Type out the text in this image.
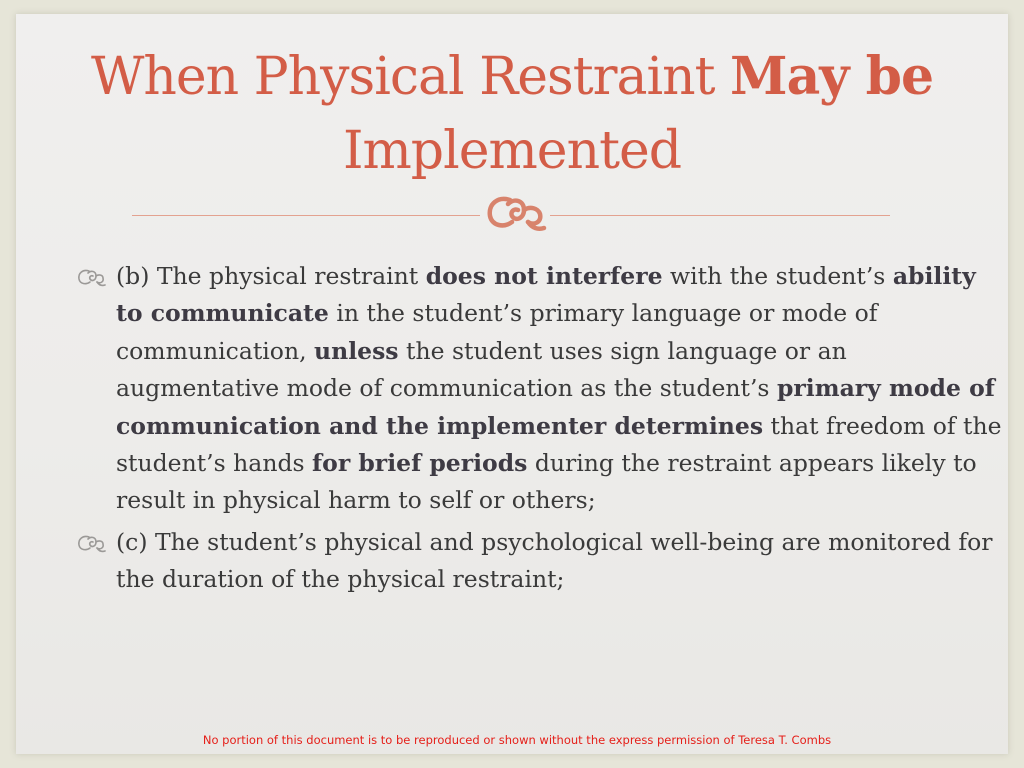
When Physical Restraint May be
Implemented
(b) The physical restraint does not interfere with the student’s ability to communicate in the student’s primary language or mode of communication, unless the student uses sign language or an augmentative mode of communication as the student’s primary mode of communication and the implementer determines that freedom of the student’s hands for brief periods during the restraint appears likely to result in physical harm to self or others;
(c) The student’s physical and psychological well-being are monitored for the duration of the physical restraint;
No portion of this document is to be reproduced or shown without the express permission of Teresa T. Combs
